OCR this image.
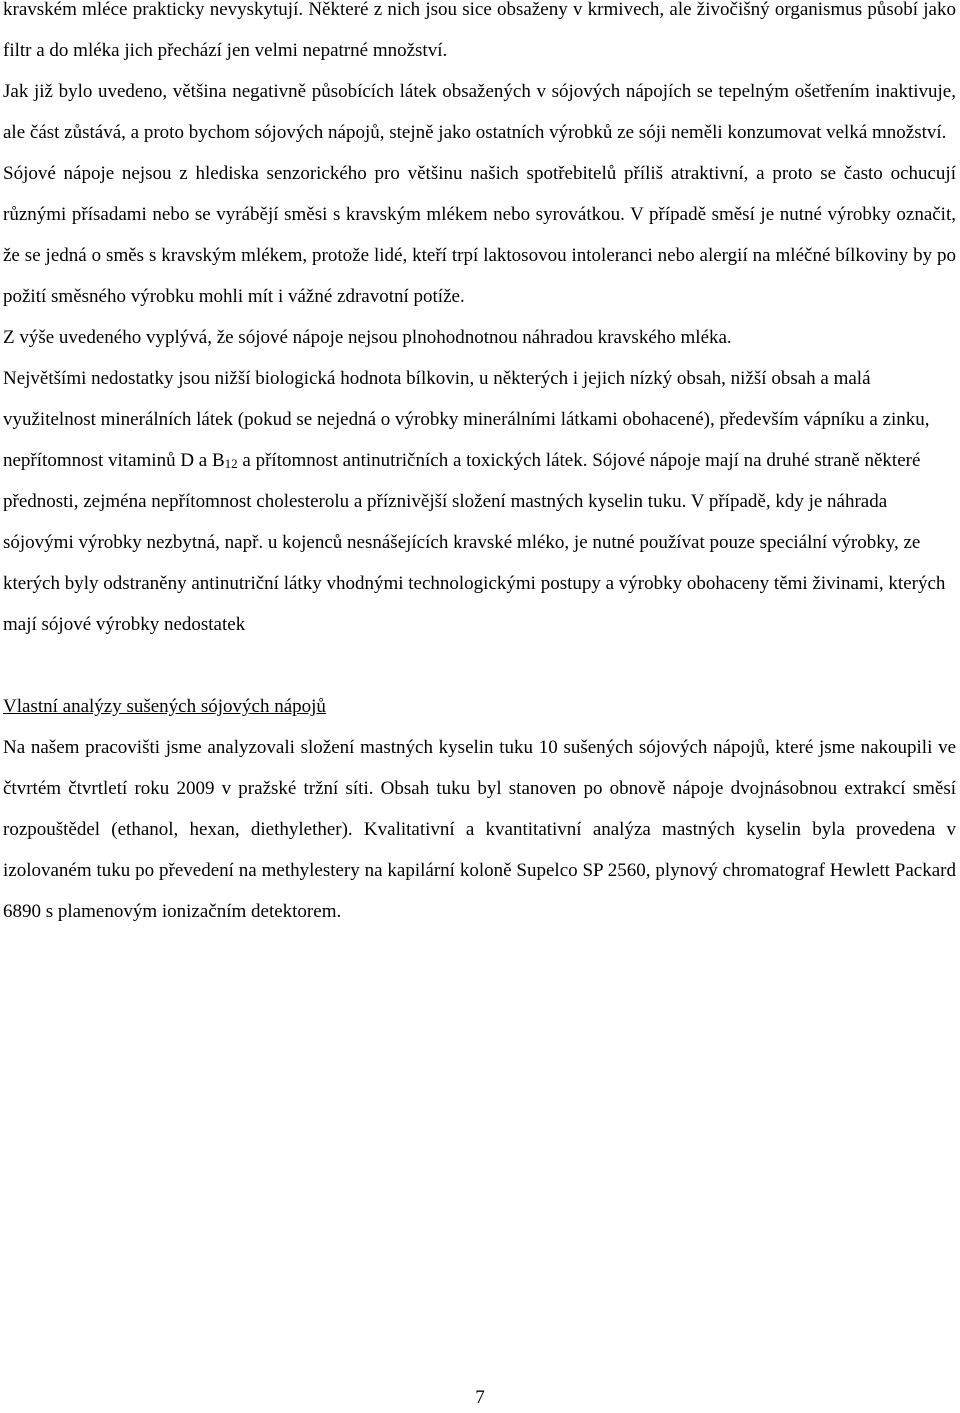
kravském mléce prakticky nevyskytují. Některé z nich jsou sice obsaženy v krmivech, ale živočišný organismus působí jako filtr a do mléka jich přechází jen velmi nepatrné množství.

Jak již bylo uvedeno, většina negativně působících látek obsažených v sójových nápojích se tepelným ošetřením inaktivuje, ale část zůstává, a proto bychom sójových nápojů, stejně jako ostatních výrobků ze sóji neměli konzumovat velká množství.

Sójové nápoje nejsou z hlediska senzorického pro většinu našich spotřebitelů příliš atraktivní, a proto se často ochucují různými přísadami nebo se vyrábějí směsi s kravským mlékem nebo syrovátkou. V případě směsí je nutné výrobky označit, že se jedná o směs s kravským mlékem, protože lidé, kteří trpí laktosovou intoleranci nebo alergií na mléčné bílkoviny by po požití směsného výrobku mohli mít i vážné zdravotní potíže.

Z výše uvedeného vyplývá, že sójové nápoje nejsou plnohodnotnou náhradou kravského mléka.

Největšími nedostatky jsou nižší biologická hodnota bílkovin, u některých i jejich nízký obsah, nižší obsah a malá využitelnost minerálních látek (pokud se nejedná o výrobky minerálními látkami obohacené), především vápníku a zinku, nepřítomnost vitaminů D a B12 a přítomnost antinutričních a toxických látek. Sójové nápoje mají na druhé straně některé přednosti, zejména nepřítomnost cholesterolu a příznivější složení mastných kyselin tuku. V případě, kdy je náhrada sójovými výrobky nezbytná, např. u kojenců nesnášejících kravské mléko, je nutné používat pouze speciální výrobky, ze kterých byly odstraněny antinutriční látky vhodnými technologickými postupy a výrobky obohaceny těmi živinami, kterých mají sójové výrobky nedostatek

Vlastní analýzy sušených sójových nápojů

Na našem pracovišti jsme analyzovali složení mastných kyselin tuku 10 sušených sójových nápojů, které jsme nakoupili ve čtvrtém čtvrtletí roku 2009 v pražské tržní síti. Obsah tuku byl stanoven po obnově nápoje dvojnásobnou extrakcí směsí rozpouštědel (ethanol, hexan, diethylether). Kvalitativní a kvantitativní analýza mastných kyselin byla provedena v izolovaném tuku po převedení na methylestery na kapilární koloně Supelco SP 2560, plynový chromatograf Hewlett Packard 6890 s plamenovým ionizačním detektorem.

7
